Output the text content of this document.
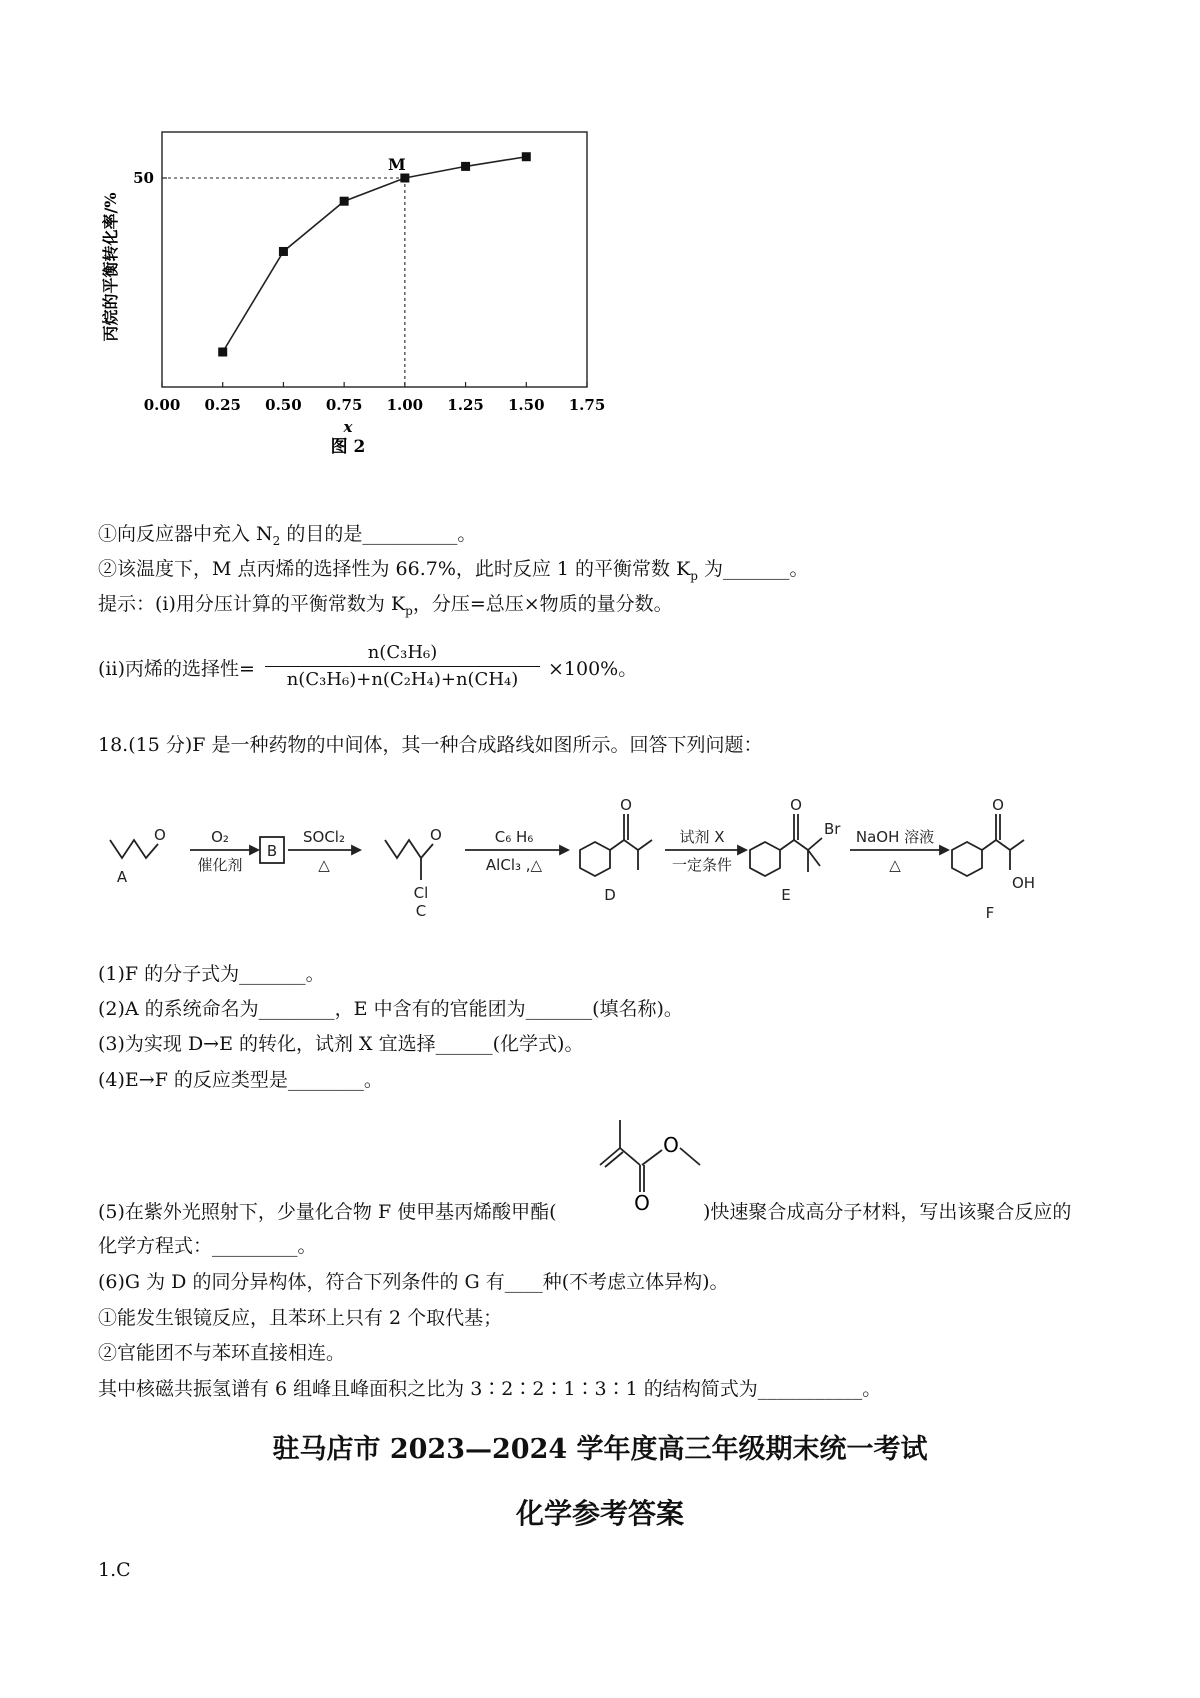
0.00 0.25 0.50 0.75 1.00 1.25 1.50 1.75
50
M
丙烷的平衡转化率/%
x
图 2
①向反应器中充入 $N_2$ 的目的是__________。
②该温度下，M 点丙烯的选择性为 66.7%，此时反应 1 的平衡常数 $K_p$ 为_______。
提示：(ⅰ)用分压计算的平衡常数为 $K_p$，分压=总压×物质的量分数。
(ⅱ)丙烯的选择性=
n(C₃H₆)
n(C₃H₆)+n(C₂H₄)+n(CH₄)	×100%。
18.(15 分)F 是一种药物的中间体，其一种合成路线如图所示。回答下列问题：
O
A
O₂
催化剂
B
SOCl₂
△
O
Cl
C
C₆ H₆
AlCl₃ ,△
O
D
试剂 X
一定条件
O
Br
E
NaOH 溶液
△
O
OH
F
(1)F 的分子式为_______。
(2)A 的系统命名为________，E 中含有的官能团为_______(填名称)。
(3)为实现 D→E 的转化，试剂 X 宜选择______(化学式)。
(4)E→F 的反应类型是________。
O
O
(5)在紫外光照射下，少量化合物 F 使甲基丙烯酸甲酯(	)快速聚合成高分子材料，写出该聚合反应的
化学方程式：_________。
(6)G 为 D 的同分异构体，符合下列条件的 G 有____种(不考虑立体异构)。
①能发生银镜反应，且苯环上只有 2 个取代基；
②官能团不与苯环直接相连。
其中核磁共振氢谱有 6 组峰且峰面积之比为 3∶2∶2∶1∶3∶1 的结构简式为___________。
驻马店市 2023—2024 学年度高三年级期末统一考试
化学参考答案
1.C
